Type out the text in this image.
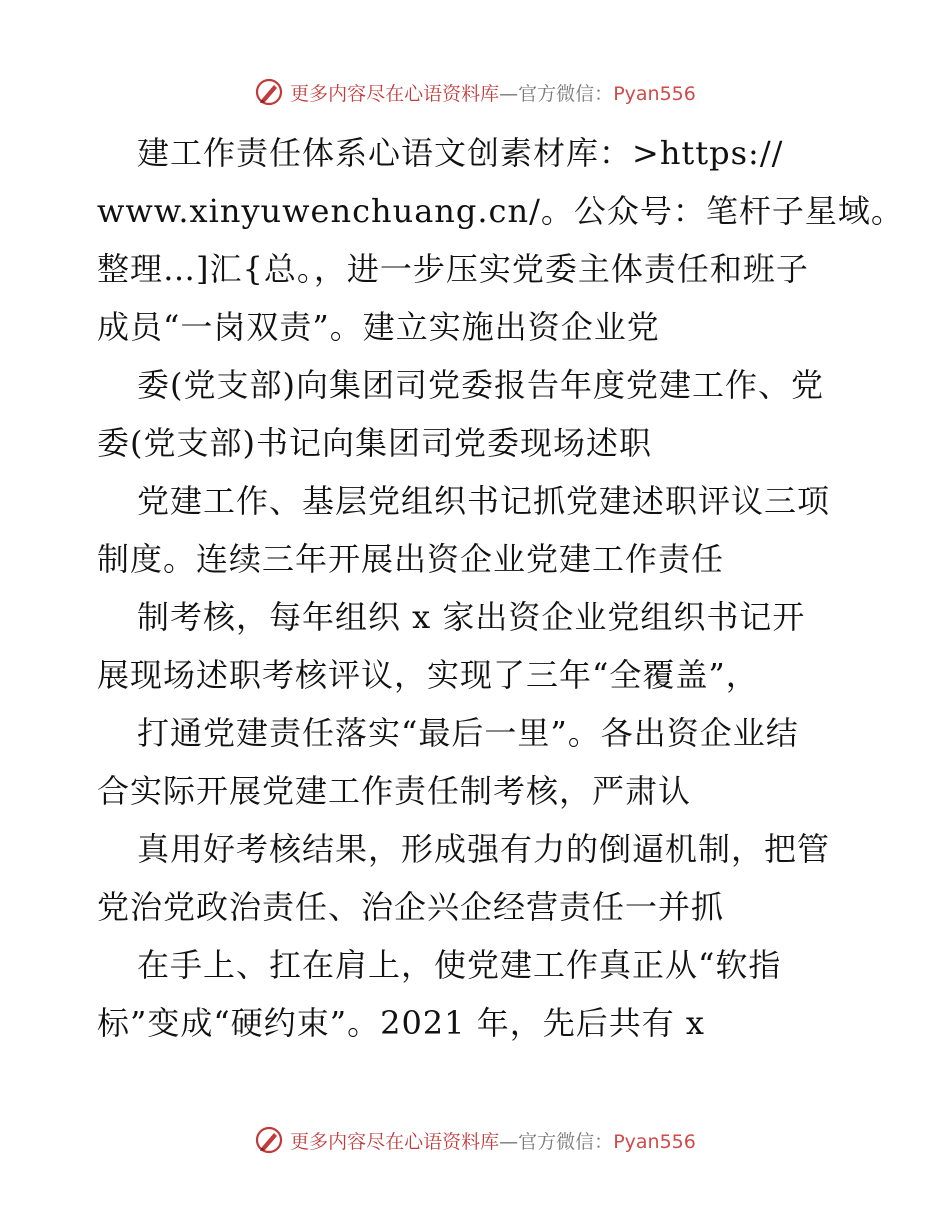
更多内容尽在心语资料库—官方微信：Pyan556
建工作责任体系心语文创素材库：>https://
www.xinyuwenchuang.cn/。公众号：笔杆子星域。
整理…]汇{总。，进一步压实党委主体责任和班子
成员“一岗双责”。建立实施出资企业党
委(党支部)向集团司党委报告年度党建工作、党
委(党支部)书记向集团司党委现场述职
党建工作、基层党组织书记抓党建述职评议三项
制度。连续三年开展出资企业党建工作责任
制考核，每年组织 x 家出资企业党组织书记开
展现场述职考核评议，实现了三年“全覆盖”，
打通党建责任落实“最后一里”。各出资企业结
合实际开展党建工作责任制考核，严肃认
真用好考核结果，形成强有力的倒逼机制，把管
党治党政治责任、治企兴企经营责任一并抓
在手上、扛在肩上，使党建工作真正从“软指
标”变成“硬约束”。2021 年，先后共有 x
更多内容尽在心语资料库—官方微信：Pyan556
